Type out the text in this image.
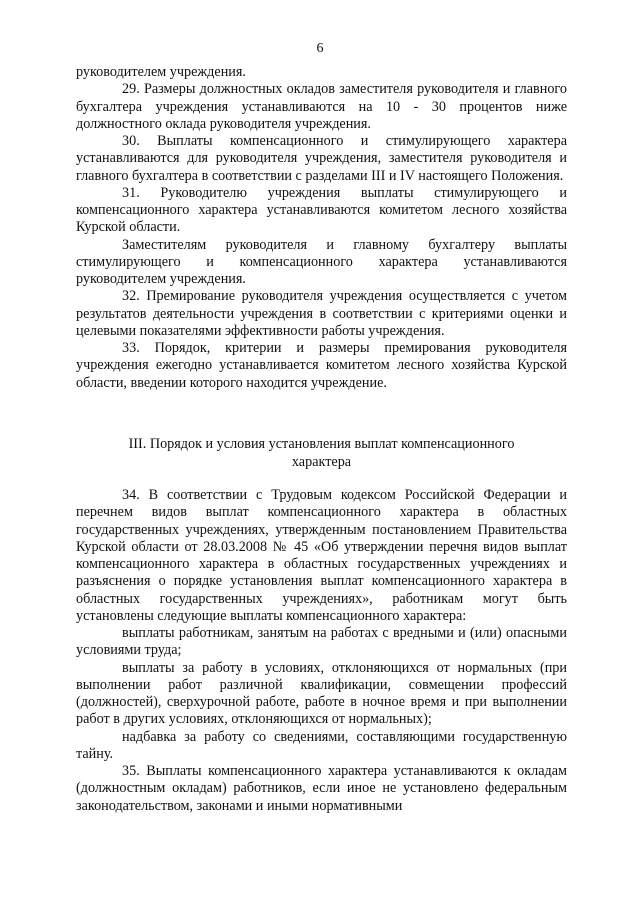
6

руководителем учреждения.

29. Размеры должностных окладов заместителя руководителя и главного бухгалтера учреждения устанавливаются на 10 - 30 процентов ниже должностного оклада руководителя учреждения.

30. Выплаты компенсационного и стимулирующего характера устанавливаются для руководителя учреждения, заместителя руководителя и главного бухгалтера в соответствии с разделами III и IV настоящего Положения.

31. Руководителю учреждения выплаты стимулирующего и компенсационного характера устанавливаются комитетом лесного хозяйства Курской области.

Заместителям руководителя и главному бухгалтеру выплаты стимулирующего и компенсационного характера устанавливаются руководителем учреждения.

32. Премирование руководителя учреждения осуществляется с учетом результатов деятельности учреждения в соответствии с критериями оценки и целевыми показателями эффективности работы учреждения.

33. Порядок, критерии и размеры премирования руководителя учреждения ежегодно устанавливается комитетом лесного хозяйства Курской области, введении которого находится учреждение.

III. Порядок и условия установления выплат компенсационного

характера

34. В соответствии с Трудовым кодексом Российской Федерации и перечнем видов выплат компенсационного характера в областных государственных учреждениях, утвержденным постановлением Правительства Курской области от 28.03.2008 № 45 «Об утверждении перечня видов выплат компенсационного характера в областных государственных учреждениях и разъяснения о порядке установления выплат компенсационного характера в областных государственных учреждениях», работникам могут быть установлены следующие выплаты компенсационного характера:

выплаты работникам, занятым на работах с вредными и (или) опасными условиями труда;

выплаты за работу в условиях, отклоняющихся от нормальных (при выполнении работ различной квалификации, совмещении профессий (должностей), сверхурочной работе, работе в ночное время и при выполнении работ в других условиях, отклоняющихся от нормальных);

надбавка за работу со сведениями, составляющими государственную тайну.

35. Выплаты компенсационного характера устанавливаются к окладам (должностным окладам) работников, если иное не установлено федеральным законодательством, законами и иными нормативными
